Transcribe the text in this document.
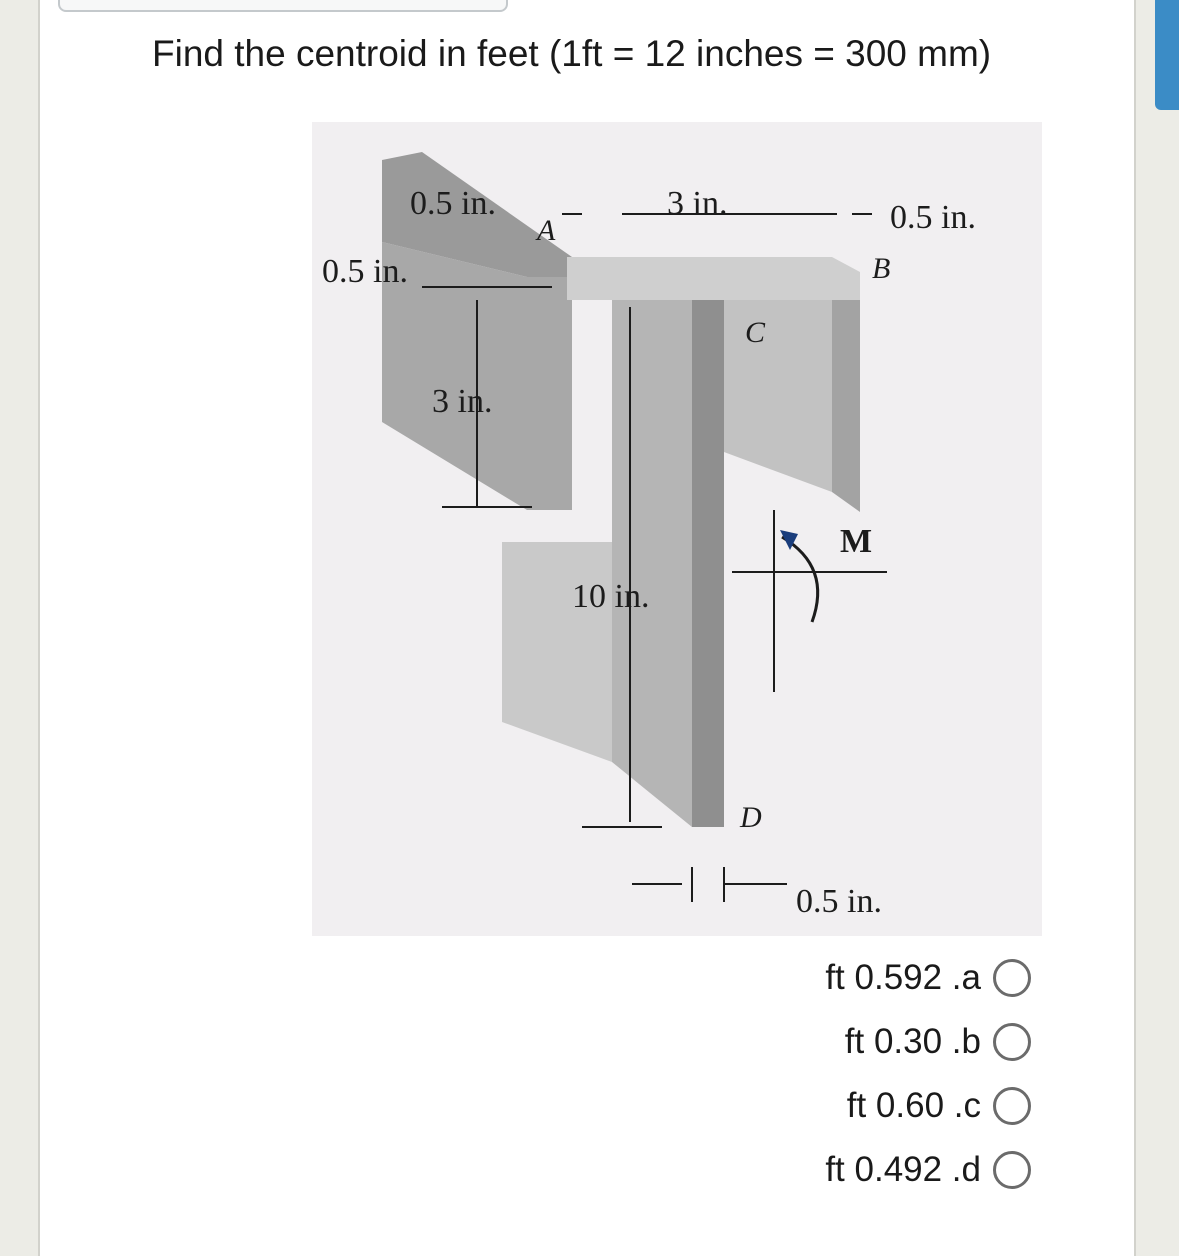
Find the centroid in feet (1ft = 12 inches = 300 mm)
0.5 in.	3 in.	0.5 in.
0.5 in.
3 in.
10 in.
0.5 in.
A
B
C
D
M
ft 0.592 .a
ft 0.30 .b
ft 0.60 .c
ft 0.492 .d
